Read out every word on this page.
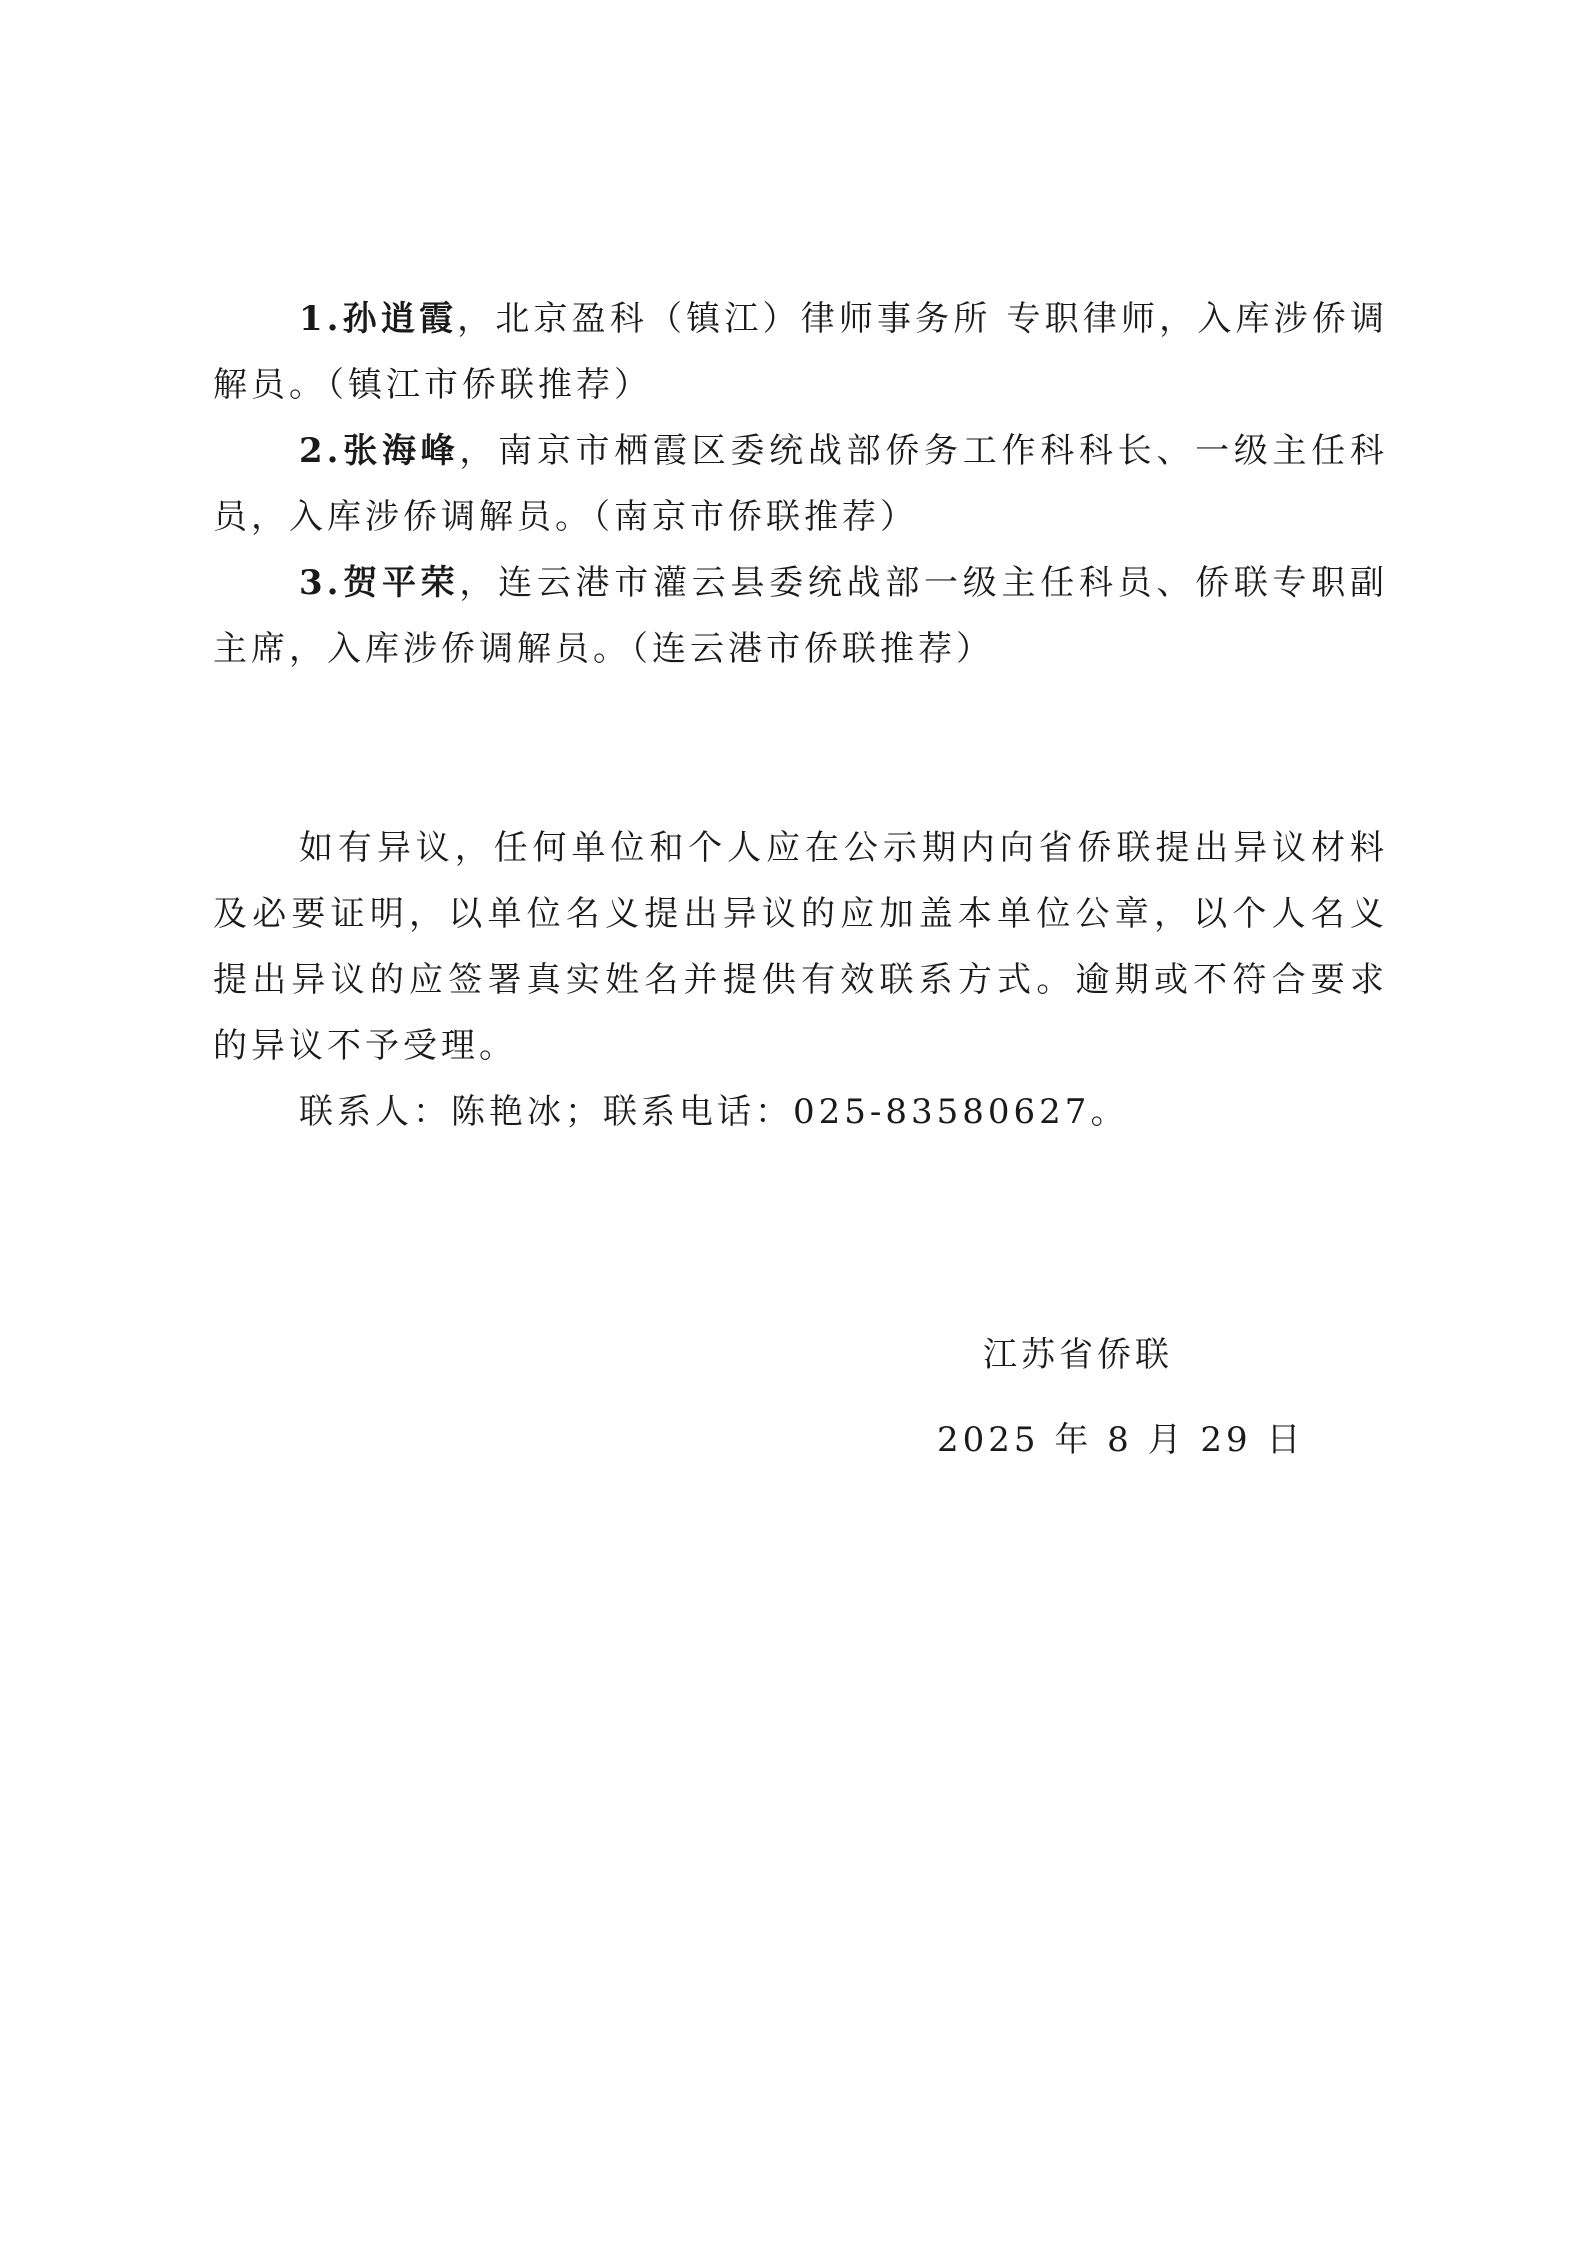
1.孙逍霞，北京盈科（镇江）律师事务所 专职律师，入库涉侨调解员。（镇江市侨联推荐）

2.张海峰，南京市栖霞区委统战部侨务工作科科长、一级主任科员，入库涉侨调解员。（南京市侨联推荐）

3.贺平荣，连云港市灌云县委统战部一级主任科员、侨联专职副主席，入库涉侨调解员。（连云港市侨联推荐）

如有异议，任何单位和个人应在公示期内向省侨联提出异议材料及必要证明，以单位名义提出异议的应加盖本单位公章，以个人名义提出异议的应签署真实姓名并提供有效联系方式。逾期或不符合要求的异议不予受理。

联系人：陈艳冰；联系电话：025-83580627。

江苏省侨联
2025 年 8 月 29 日
